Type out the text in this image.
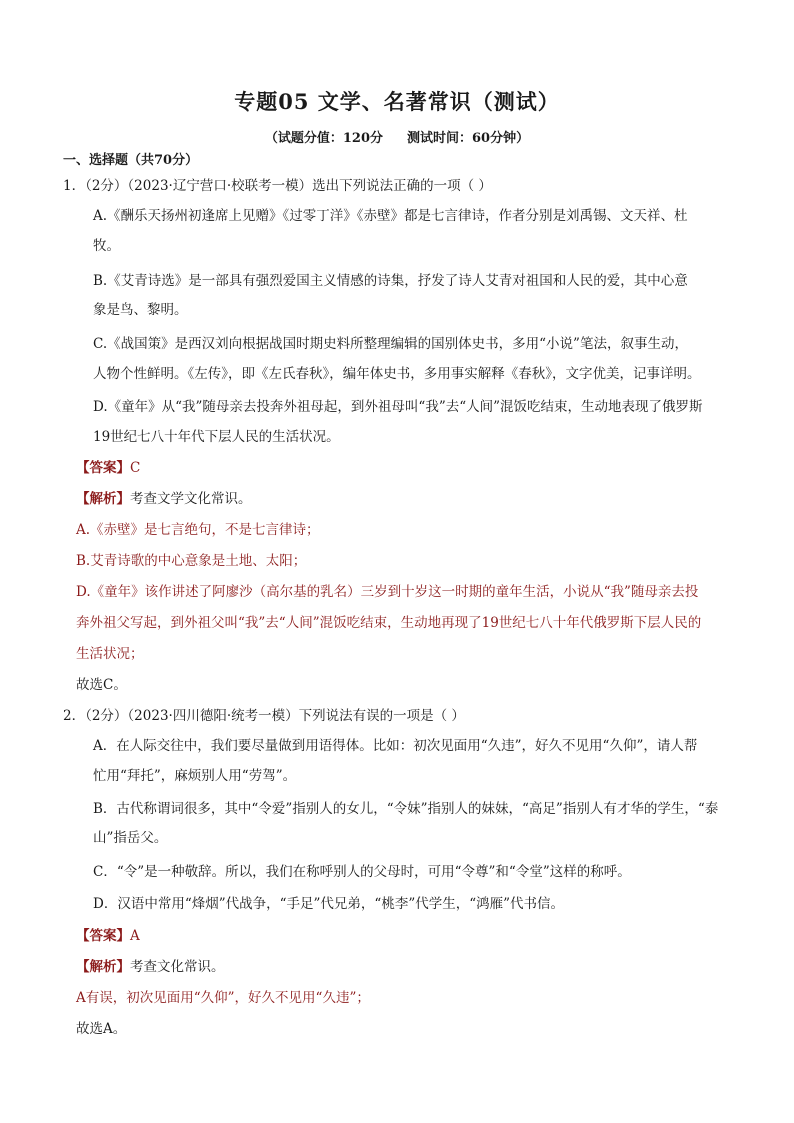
专题05 文学、名著常识（测试）
（试题分值：120分 测试时间：60分钟）
一、选择题（共70分）
1．（2分）（2023·辽宁营口·校联考一模）选出下列说法正确的一项（ ）
A.《酬乐天扬州初逢席上见赠》《过零丁洋》《赤壁》都是七言律诗，作者分别是刘禹锡、文天祥、杜
牧。
B.《艾青诗选》是一部具有强烈爱国主义情感的诗集，抒发了诗人艾青对祖国和人民的爱，其中心意
象是鸟、黎明。
C.《战国策》是西汉刘向根据战国时期史料所整理编辑的国别体史书，多用“小说”笔法，叙事生动，
人物个性鲜明。《左传》，即《左氏春秋》，编年体史书，多用事实解释《春秋》，文字优美，记事详明。
D.《童年》从“我”随母亲去投奔外祖母起，到外祖母叫“我”去“人间”混饭吃结束，生动地表现了俄罗斯
19世纪七八十年代下层人民的生活状况。
【答案】C
【解析】考查文学文化常识。
A.《赤壁》是七言绝句，不是七言律诗；
B.艾青诗歌的中心意象是土地、太阳；
D.《童年》该作讲述了阿廖沙（高尔基的乳名）三岁到十岁这一时期的童年生活，小说从“我”随母亲去投
奔外祖父写起，到外祖父叫“我”去“人间”混饭吃结束，生动地再现了19世纪七八十年代俄罗斯下层人民的
生活状况；
故选C。
2．（2分）（2023·四川德阳·统考一模）下列说法有误的一项是（ ）
A．在人际交往中，我们要尽量做到用语得体。比如：初次见面用“久违”，好久不见用“久仰”，请人帮
忙用“拜托”，麻烦别人用“劳驾”。
B．古代称谓词很多，其中“令爱”指别人的女儿，“令妹”指别人的妹妹，“高足”指别人有才华的学生，“泰
山”指岳父。
C．“令”是一种敬辞。所以，我们在称呼别人的父母时，可用“令尊”和“令堂”这样的称呼。
D．汉语中常用“烽烟”代战争，“手足”代兄弟，“桃李”代学生，“鸿雁”代书信。
【答案】A
【解析】考查文化常识。
A有误，初次见面用“久仰”，好久不见用“久违”；
故选A。
